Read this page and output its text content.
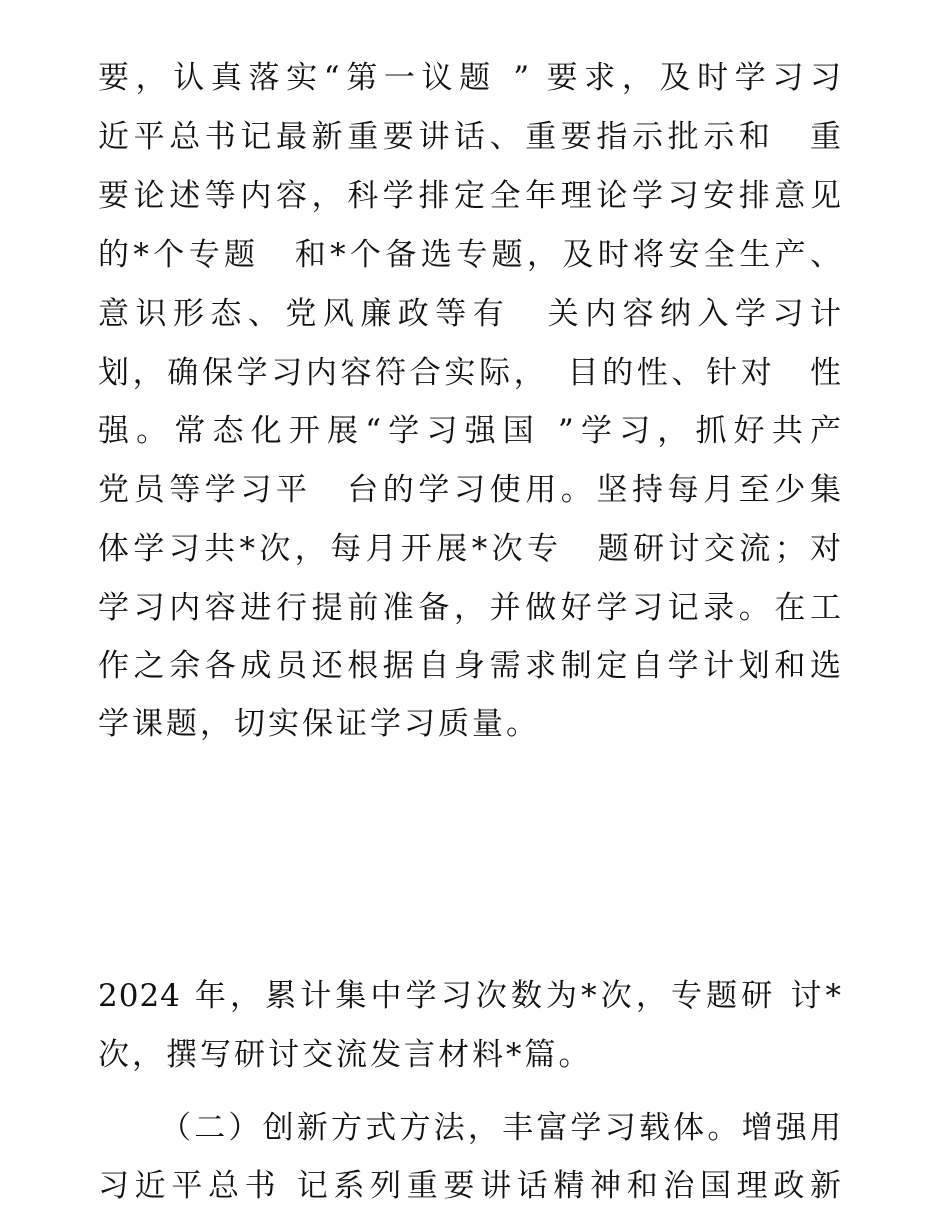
要，认真落实“第一议题 ” 要求，及时学习习
近平总书记最新重要讲话、重要指示批示和　重
要论述等内容，科学排定全年理论学习安排意见
的*个专题　和*个备选专题，及时将安全生产、
意识形态、党风廉政等有　关内容纳入学习计
划，确保学习内容符合实际，　目的性、针对　性
强。常态化开展“学习强国 ”学习，抓好共产
党员等学习平　台的学习使用。坚持每月至少集
体学习共*次，每月开展*次专　题研讨交流；对
学习内容进行提前准备，并做好学习记录。在工
作之余各成员还根据自身需求制定自学计划和选
学课题，切实保证学习质量。
2024 年，累计集中学习次数为*次，专题研 讨*
次，撰写研讨交流发言材料*篇。
（二）创新方式方法，丰富学习载体。增强用
习近平总书 记系列重要讲话精神和治国理政新
